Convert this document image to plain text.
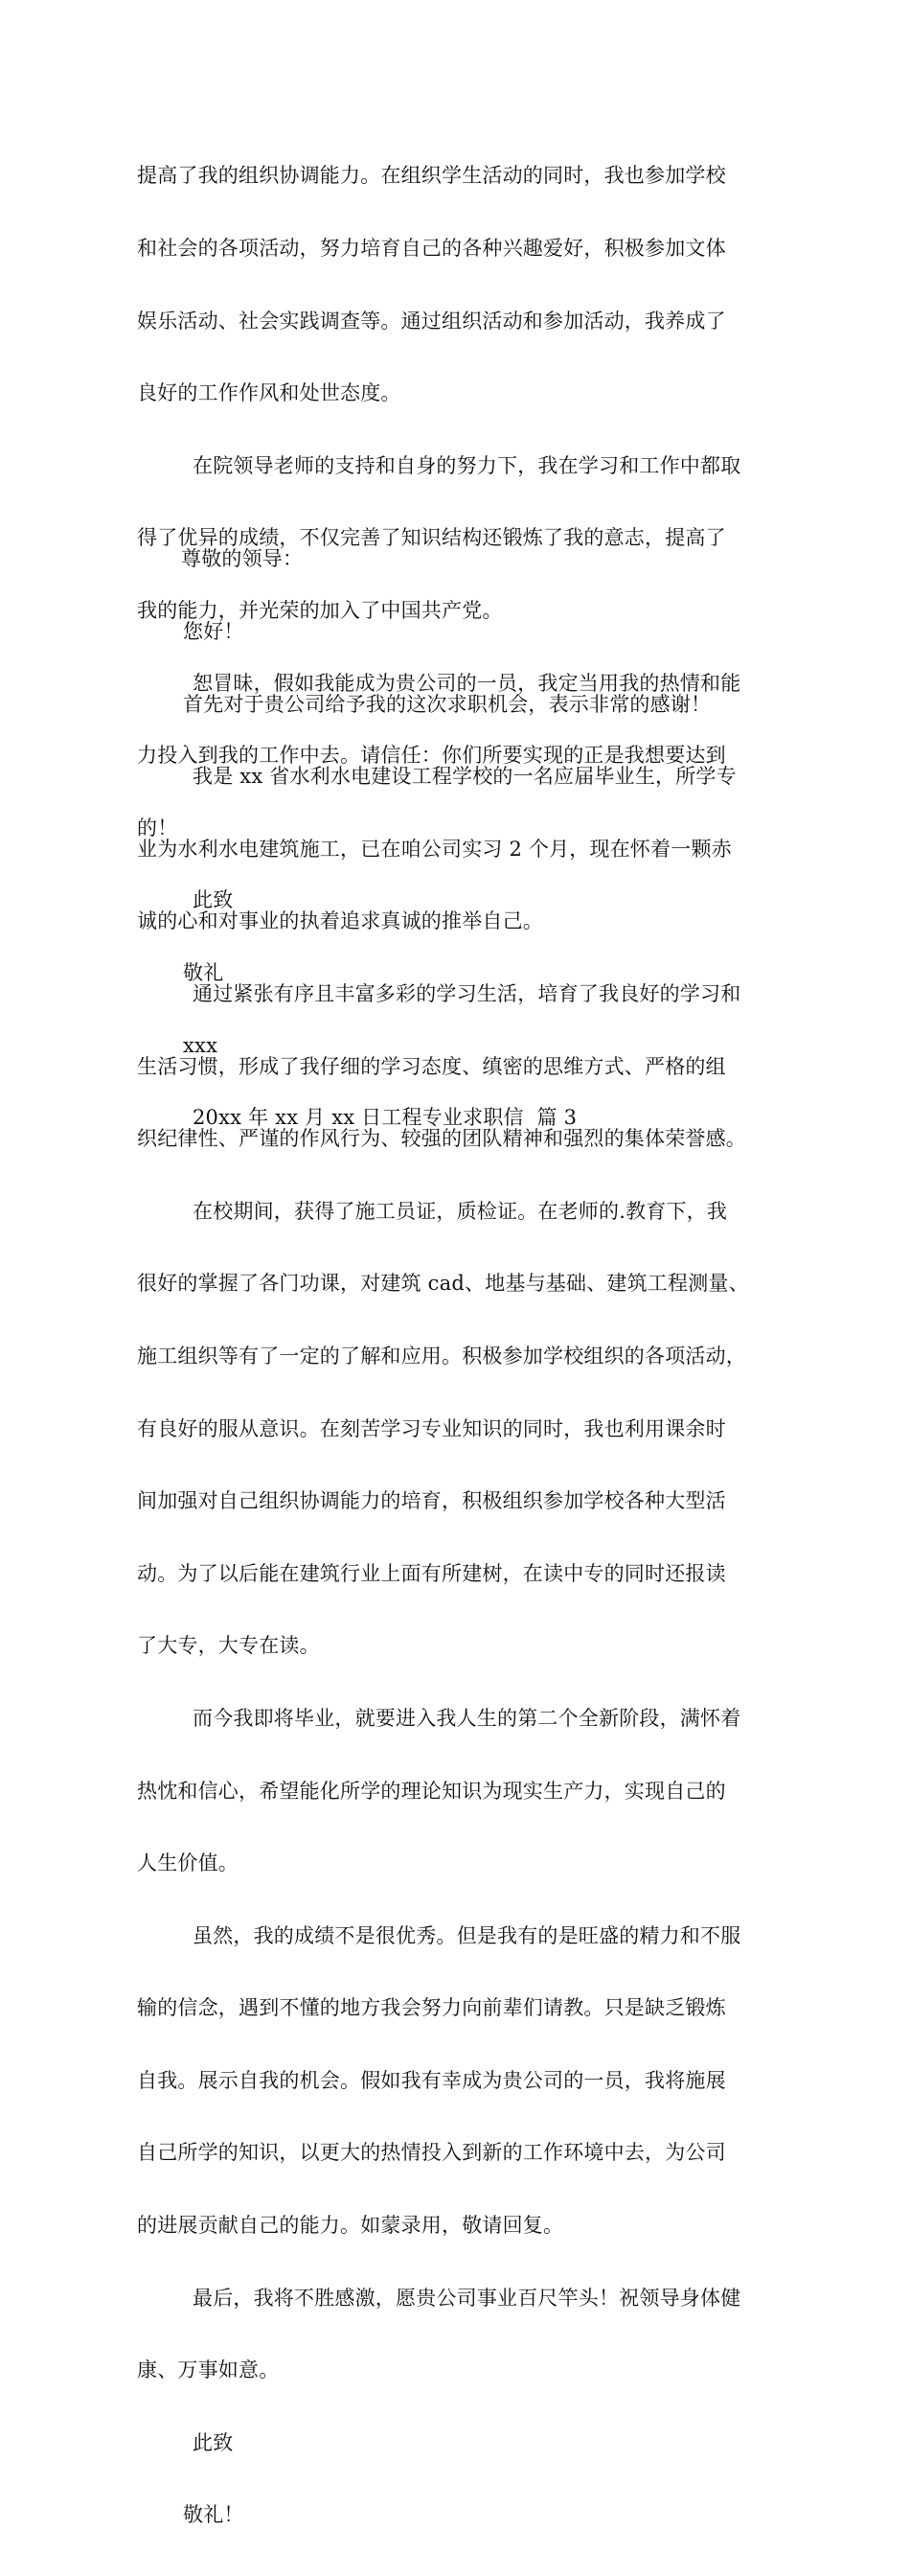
提高了我的组织协调能力。在组织学生活动的同时，我也参加学校

和社会的各项活动，努力培育自己的各种兴趣爱好，积极参加文体

娱乐活动、社会实践调查等。通过组织活动和参加活动，我养成了

良好的工作作风和处世态度。

在院领导老师的支持和自身的努力下，我在学习和工作中都取

得了优异的成绩，不仅完善了知识结构还锻炼了我的意志，提高了

我的能力，并光荣的加入了中国共产党。

恕冒昧，假如我能成为贵公司的一员，我定当用我的热情和能

力投入到我的工作中去。请信任：你们所要实现的正是我想要达到

的！

此致

敬礼

xxx

20xx 年 xx 月 xx 日工程专业求职信  篇 3

尊敬的领导：

您好！

首先对于贵公司给予我的这次求职机会，表示非常的感谢！

我是 xx 省水利水电建设工程学校的一名应届毕业生，所学专

业为水利水电建筑施工，已在咱公司实习 2 个月，现在怀着一颗赤

诚的心和对事业的执着追求真诚的推举自己。

通过紧张有序且丰富多彩的学习生活，培育了我良好的学习和

生活习惯，形成了我仔细的学习态度、缜密的思维方式、严格的组

织纪律性、严谨的作风行为、较强的团队精神和强烈的集体荣誉感。

在校期间，获得了施工员证，质检证。在老师的.教育下，我

很好的掌握了各门功课，对建筑 cad、地基与基础、建筑工程测量、

施工组织等有了一定的了解和应用。积极参加学校组织的各项活动，

有良好的服从意识。在刻苦学习专业知识的同时，我也利用课余时

间加强对自己组织协调能力的培育，积极组织参加学校各种大型活

动。为了以后能在建筑行业上面有所建树，在读中专的同时还报读

了大专，大专在读。

而今我即将毕业，就要进入我人生的第二个全新阶段，满怀着

热忱和信心，希望能化所学的理论知识为现实生产力，实现自己的

人生价值。

虽然，我的成绩不是很优秀。但是我有的是旺盛的精力和不服

输的信念，遇到不懂的地方我会努力向前辈们请教。只是缺乏锻炼

自我。展示自我的机会。假如我有幸成为贵公司的一员，我将施展

自己所学的知识，以更大的热情投入到新的工作环境中去，为公司

的进展贡献自己的能力。如蒙录用，敬请回复。

最后，我将不胜感激，愿贵公司事业百尺竿头！祝领导身体健

康、万事如意。

此致

敬礼！
